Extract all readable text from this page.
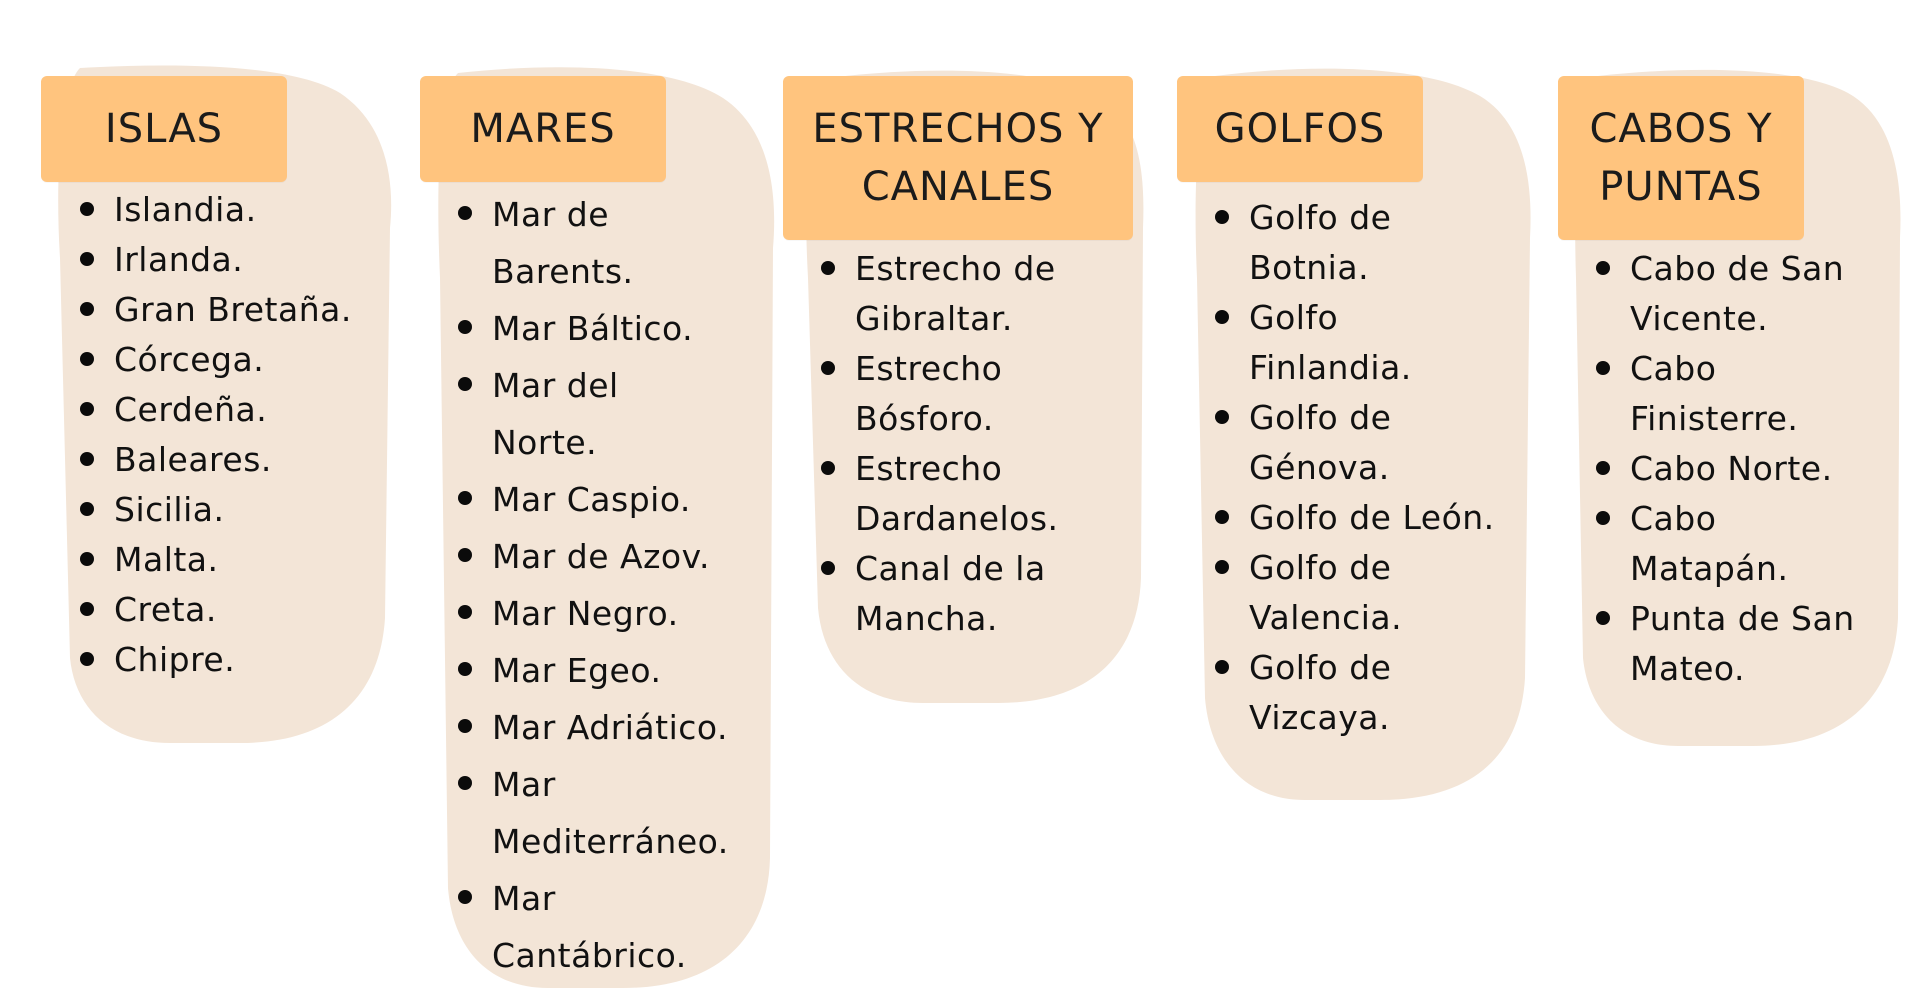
ISLAS
Islandia.
Irlanda.
Gran Bretaña.
Córcega.
Cerdeña.
Baleares.
Sicilia.
Malta.
Creta.
Chipre.
MARES
Mar de Barents.
Mar Báltico.
Mar del Norte.
Mar Caspio.
Mar de Azov.
Mar Negro.
Mar Egeo.
Mar Adriático.
Mar Mediterráneo.
Mar Cantábrico.
ESTRECHOS Y
CANALES
Estrecho de Gibraltar.
Estrecho Bósforo.
Estrecho Dardanelos.
Canal de la Mancha.
GOLFOS
Golfo de Botnia.
Golfo Finlandia.
Golfo de Génova.
Golfo de León.
Golfo de Valencia.
Golfo de Vizcaya.
CABOS Y
PUNTAS
Cabo de San Vicente.
Cabo Finisterre.
Cabo Norte.
Cabo Matapán.
Punta de San Mateo.
